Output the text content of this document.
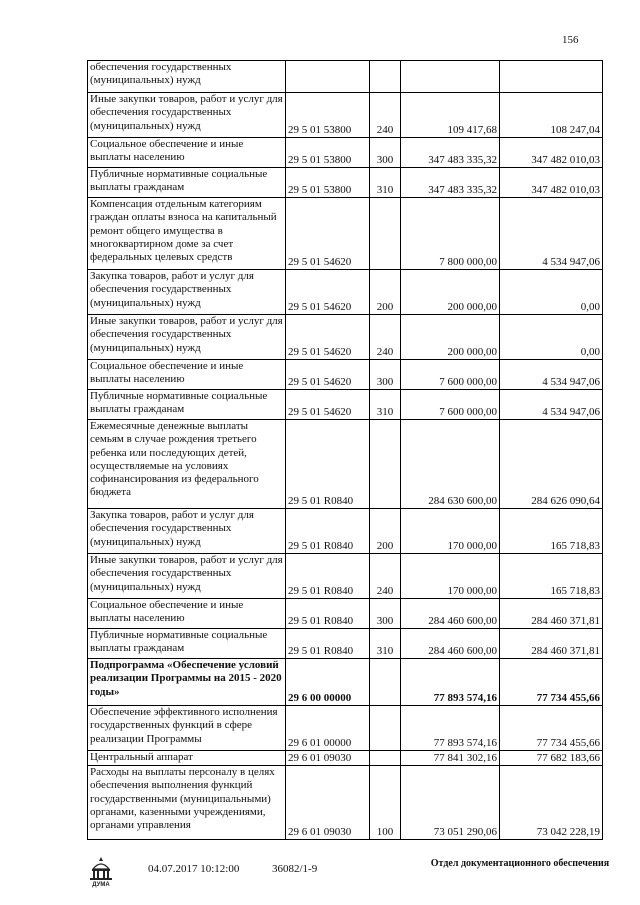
156
обеспечения государственных (муниципальных) нужд				
Иные закупки товаров, работ и услуг для обеспечения государственных (муниципальных) нужд	29 5 01 53800	240	109 417,68	108 247,04
Социальное обеспечение и иные выплаты населению	29 5 01 53800	300	347 483 335,32	347 482 010,03
Публичные нормативные социальные выплаты гражданам	29 5 01 53800	310	347 483 335,32	347 482 010,03
Компенсация отдельным категориям граждан оплаты взноса на капитальный ремонт общего имущества в многоквартирном доме за счет федеральных целевых средств	29 5 01 54620		7 800 000,00	4 534 947,06
Закупка товаров, работ и услуг для обеспечения государственных (муниципальных) нужд	29 5 01 54620	200	200 000,00	0,00
Иные закупки товаров, работ и услуг для обеспечения государственных (муниципальных) нужд	29 5 01 54620	240	200 000,00	0,00
Социальное обеспечение и иные выплаты населению	29 5 01 54620	300	7 600 000,00	4 534 947,06
Публичные нормативные социальные выплаты гражданам	29 5 01 54620	310	7 600 000,00	4 534 947,06
Ежемесячные денежные выплаты семьям в случае рождения третьего ребенка или последующих детей, осуществляемые на условиях софинансирования из федерального бюджета	29 5 01 R0840		284 630 600,00	284 626 090,64
Закупка товаров, работ и услуг для обеспечения государственных (муниципальных) нужд	29 5 01 R0840	200	170 000,00	165 718,83
Иные закупки товаров, работ и услуг для обеспечения государственных (муниципальных) нужд	29 5 01 R0840	240	170 000,00	165 718,83
Социальное обеспечение и иные выплаты населению	29 5 01 R0840	300	284 460 600,00	284 460 371,81
Публичные нормативные социальные выплаты гражданам	29 5 01 R0840	310	284 460 600,00	284 460 371,81
Подпрограмма «Обеспечение условий реализации Программы на 2015 - 2020 годы»	29 6 00 00000		77 893 574,16	77 734 455,66
Обеспечение эффективного исполнения государственных функций в сфере реализации Программы	29 6 01 00000		77 893 574,16	77 734 455,66
Центральный аппарат	29 6 01 09030		77 841 302,16	77 682 183,66
Расходы на выплаты персоналу в целях обеспечения выполнения функций государственными (муниципальными) органами, казенными учреждениями, органами управления	29 6 01 09030	100	73 051 290,06	73 042 228,19
ДУМА
04.07.2017 10:12:00	36082/1-9	Отдел документационного обеспечения
